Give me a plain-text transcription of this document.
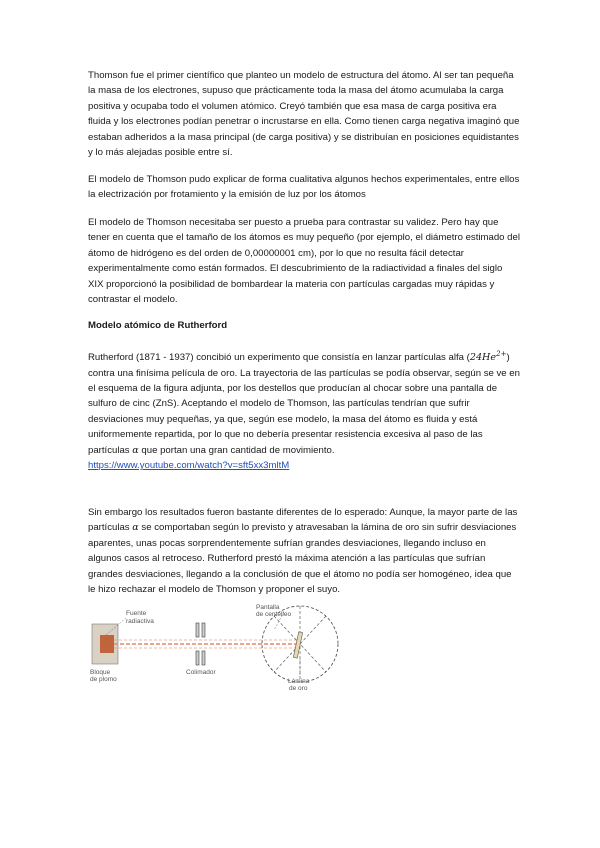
Thomson fue el primer científico que planteo un modelo de estructura del átomo. Al ser tan pequeña la masa de los electrones, supuso que prácticamente toda la masa del átomo acumulaba la carga positiva y ocupaba todo el volumen atómico. Creyó también que esa masa de carga positiva era fluida y los electrones podían penetrar o incrustarse en ella. Como tienen carga negativa imaginó que estaban adheridos a la masa principal (de carga positiva) y se distribuían en posiciones equidistantes y lo más alejadas posible entre sí.

El modelo de Thomson pudo explicar de forma cualitativa algunos hechos experimentales, entre ellos la electrización por frotamiento y la emisión de luz por los átomos

El modelo de Thomson necesitaba ser puesto a prueba para contrastar su validez. Pero hay que tener en cuenta que el tamaño de los átomos es muy pequeño (por ejemplo, el diámetro estimado del átomo de hidrógeno es del orden de 0,00000001 cm), por lo que no resulta fácil detectar experimentalmente como están formados. El descubrimiento de la radiactividad a finales del siglo XIX proporcionó la posibilidad de bombardear la materia con partículas cargadas muy rápidas y contrastar el modelo.

Modelo atómico de Rutherford

Rutherford (1871 - 1937) concibió un experimento que consistía en lanzar partículas alfa $(24He^{2+})$ contra una finísima película de oro. La trayectoria de las partículas se podía observar, según se ve en el esquema de la figura adjunta, por los destellos que producían al chocar sobre una pantalla de sulfuro de cinc (ZnS). Aceptando el modelo de Thomson, las partículas tendrían que sufrir desviaciones muy pequeñas, ya que, según ese modelo, la masa del átomo es fluida y está uniformemente repartida, por lo que no debería presentar resistencia excesiva al paso de las partículas α que portan una gran cantidad de movimiento.
https://www.youtube.com/watch?v=sft5xx3mltM

Sin embargo los resultados fueron bastante diferentes de lo esperado: Aunque, la mayor parte de las partículas α se comportaban según lo previsto y atravesaban la lámina de oro sin sufrir desviaciones aparentes, unas pocas sorprendentemente sufrían grandes desviaciones, llegando incluso en algunos casos al retroceso. Rutherford prestó la máxima atención a las partículas que sufrían grandes desviaciones, llegando a la conclusión de que el átomo no podía ser homogéneo, idea que le hizo rechazar el modelo de Thomson y proponer el suyo.

Fuente
radiactiva
Pantalla
de centelleo
Bloque
de plomo
Colimador
Lámina
de oro
